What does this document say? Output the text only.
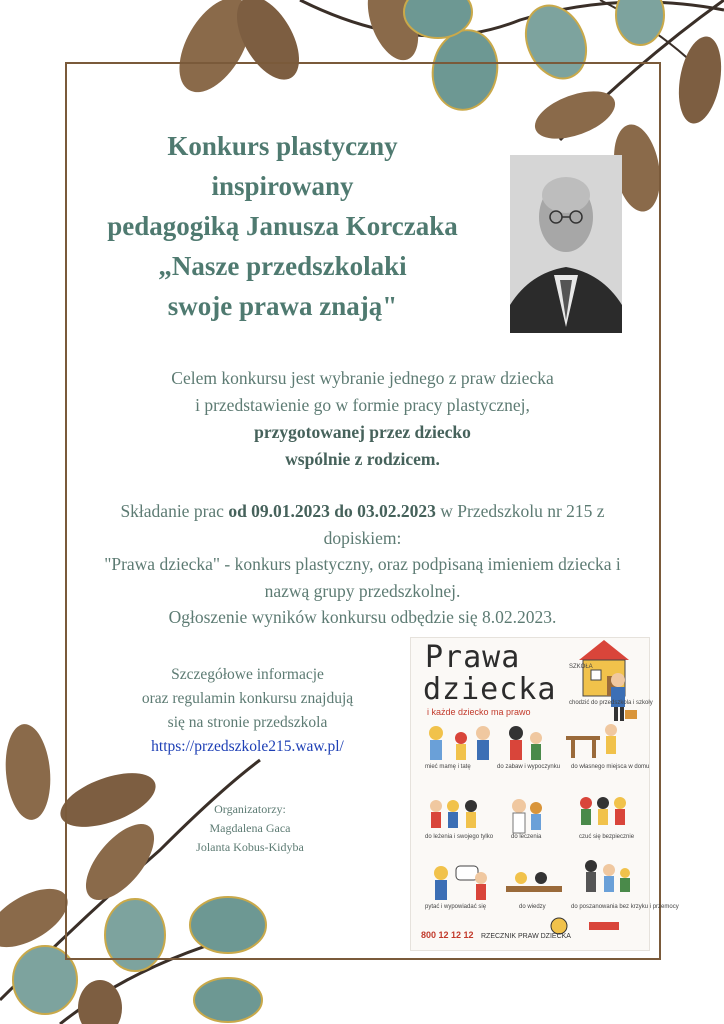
Konkurs plastyczny
inspirowany
pedagogiką Janusza Korczaka
„Nasze przedszkolaki
swoje prawa znają"
Celem konkursu jest wybranie jednego z praw dziecka
i przedstawienie go w formie pracy plastycznej,
przygotowanej przez dziecko
wspólnie z rodzicem.
Składanie prac od 09.01.2023 do 03.02.2023 w Przedszkolu nr 215 z
dopiskiem:
"Prawa dziecka" - konkurs plastyczny, oraz podpisaną imieniem dziecka i
nazwą grupy przedszkolnej.
Ogłoszenie wyników konkursu odbędzie się 8.02.2023.
Szczegółowe informacje
oraz regulamin konkursu znajdują
się na stronie przedszkola
https://przedszkole215.waw.pl/
Organizatorzy:
Magdalena Gaca
Jolanta Kobus-Kidyba
Prawa
dziecka
i każde dziecko ma prawo
SZKOŁA
mieć mamę i tatę	do zabaw i wypoczynku do własnego miejsca w domu
do leżenia i swojego tylko	do leczenia	czuć się bezpiecznie
pytać i wypowiadać się	do wiedzy	do poszanowania bez krzyku i przemocy
chodzić do przedszkola i szkoły
800 12 12 12 RZECZNIK PRAW DZIECKA
